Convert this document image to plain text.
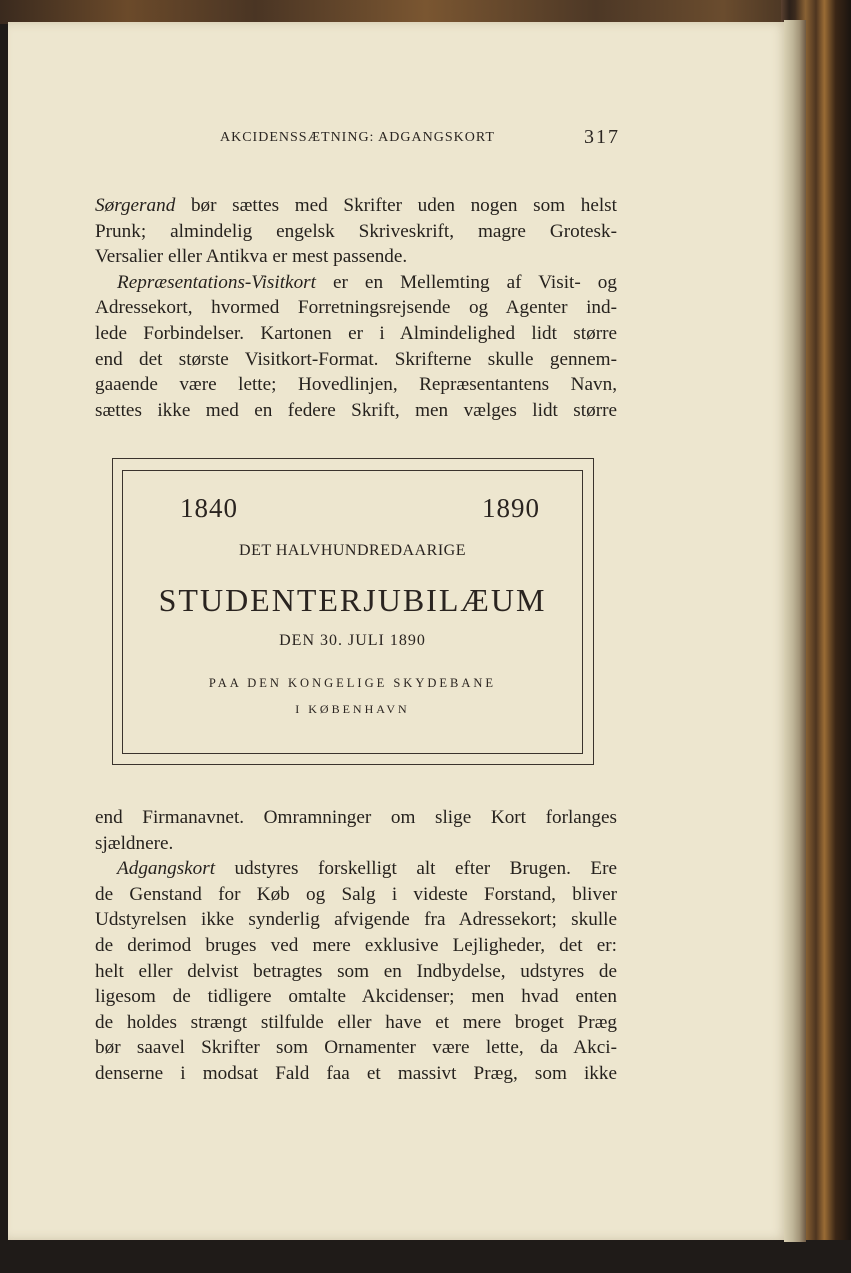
AKCIDENSSÆTNING: ADGANGSKORT	317
Sørgerand bør sættes med Skrifter uden nogen som helst
Prunk; almindelig engelsk Skriveskrift, magre Grotesk-
Versalier eller Antikva er mest passende.
Repræsentations-Visitkort er en Mellemting af Visit- og
Adressekort, hvormed Forretningsrejsende og Agenter ind-
lede Forbindelser. Kartonen er i Almindelighed lidt større
end det største Visitkort-Format. Skrifterne skulle gennem-
gaaende være lette; Hovedlinjen, Repræsentantens Navn,
sættes ikke med en federe Skrift, men vælges lidt større
1840	1890
DET HALVHUNDREDAARIGE
STUDENTERJUBILÆUM
DEN 30. JULI 1890
PAA DEN KONGELIGE SKYDEBANE
I KØBENHAVN
end Firmanavnet. Omramninger om slige Kort forlanges
sjældnere.
Adgangskort udstyres forskelligt alt efter Brugen. Ere
de Genstand for Køb og Salg i videste Forstand, bliver
Udstyrelsen ikke synderlig afvigende fra Adressekort; skulle
de derimod bruges ved mere exklusive Lejligheder, det er:
helt eller delvist betragtes som en Indbydelse, udstyres de
ligesom de tidligere omtalte Akcidenser; men hvad enten
de holdes strængt stilfulde eller have et mere broget Præg
bør saavel Skrifter som Ornamenter være lette, da Akci-
denserne i modsat Fald faa et massivt Præg, som ikke
